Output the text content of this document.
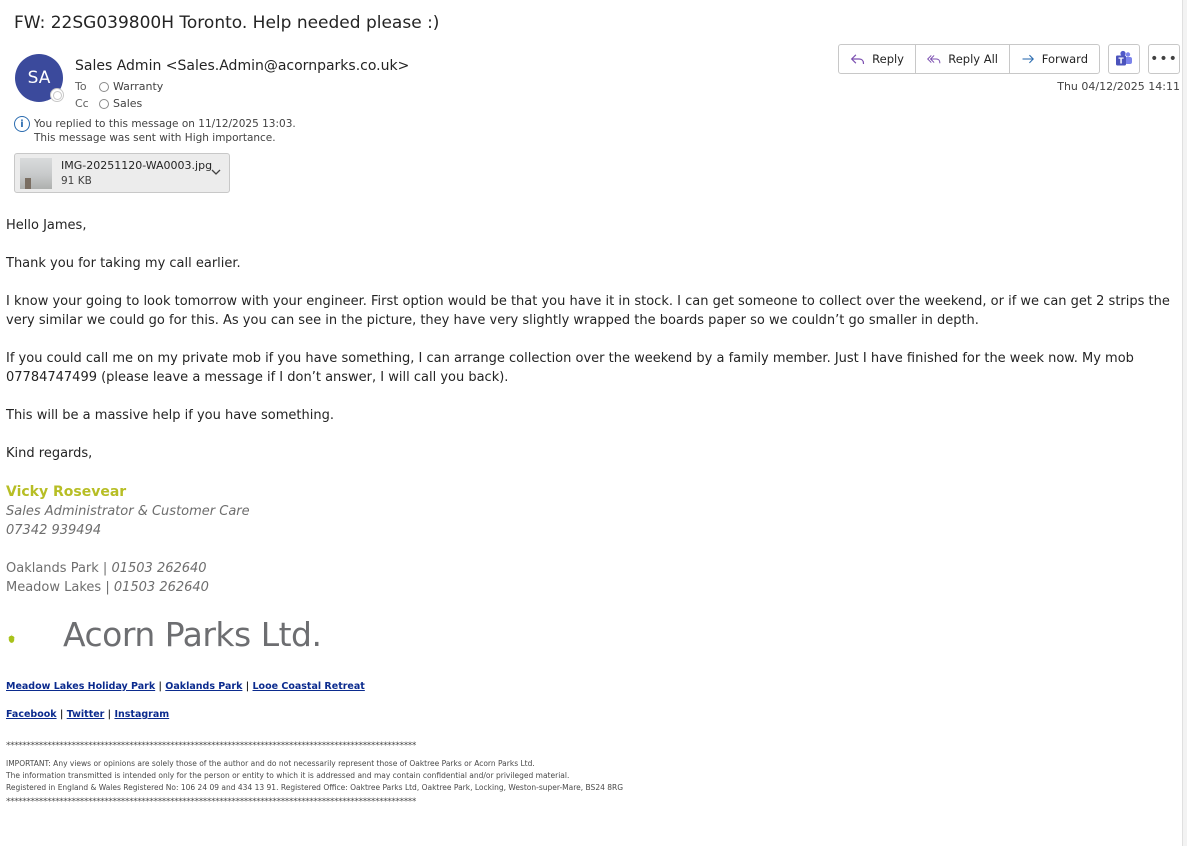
FW: 22SG039800H Toronto. Help needed please :)
SA
Sales Admin <Sales.Admin@acornparks.co.uk>
To	Warranty
Cc	Sales
i You replied to this message on 11/12/2025 13:03.
This message was sent with High importance.
IMG-20251120-WA0003.jpg
91 KB
Reply	Reply All	Forward	T •••
Thu 04/12/2025 14:11

Hello James,

Thank you for taking my call earlier.

I know your going to look tomorrow with your engineer. First option would be that you have it in stock. I can get someone to collect over the weekend, or if we can get 2 strips the very similar we could go for this. As you can see in the picture, they have very slightly wrapped the boards paper so we couldn’t go smaller in depth.

If you could call me on my private mob if you have something, I can arrange collection over the weekend by a family member. Just I have finished for the week now. My mob 07784747499 (please leave a message if I don’t answer, I will call you back).

This will be a massive help if you have something.

Kind regards,

Vicky Rosevear
Sales Administrator & Customer Care
07342 939494
Oaklands Park | 01503 262640
Meadow Lakes | 01503 262640
Acorn Parks Ltd.
Meadow Lakes Holiday Park | Oaklands Park | Looe Coastal Retreat
Facebook | Twitter | Instagram
****************************************************************************************************
IMPORTANT: Any views or opinions are solely those of the author and do not necessarily represent those of Oaktree Parks or Acorn Parks Ltd.
The information transmitted is intended only for the person or entity to which it is addressed and may contain confidential and/or privileged material.
Registered in England & Wales Registered No: 106 24 09 and 434 13 91. Registered Office: Oaktree Parks Ltd, Oaktree Park, Locking, Weston-super-Mare, BS24 8RG
****************************************************************************************************
